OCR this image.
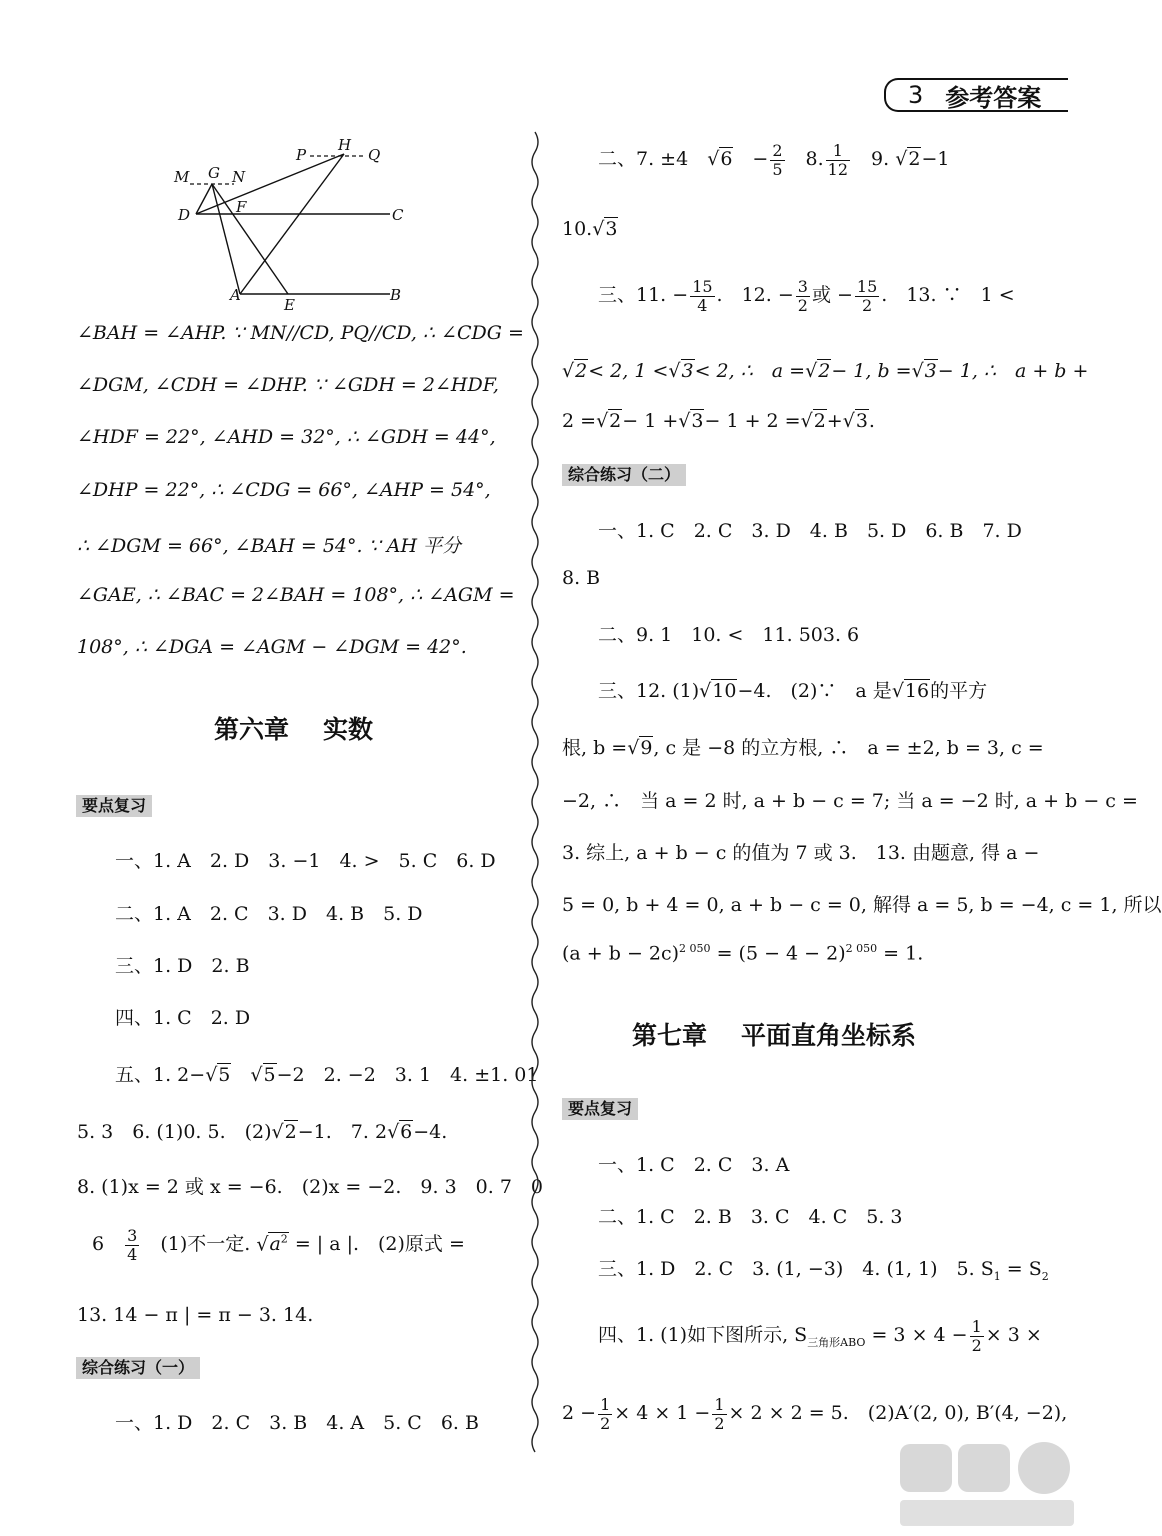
3 参考答案
M G N
P
H
Q
D	F	C
A
E
B
∠BAH = ∠AHP. ∵ MN//CD, PQ//CD, ∴ ∠CDG =
∠DGM, ∠CDH = ∠DHP. ∵ ∠GDH = 2∠HDF,
∠HDF = 22°, ∠AHD = 32°, ∴ ∠GDH = 44°,
∠DHP = 22°, ∴ ∠CDG = 66°, ∠AHP = 54°,
∴ ∠DGM = 66°, ∠BAH = 54°. ∵ AH 平分
∠GAE, ∴ ∠BAC = 2∠BAH = 108°, ∴ ∠AGM =
108°, ∴ ∠DGA = ∠AGM − ∠DGM = 42°.
第六章 实数
要点复习
一、1. A　2. D　3. −1　4. >　5. C　6. D
二、1. A　2. C　3. D　4. B　5. D
三、1. D　2. B
四、1. C　2. D
五、1. 2−√5　 √5−2　2. −2　3. 1　4. ±1. 01
5. 3　6. (1)0. 5.　(2)√2−1.　7. 2√6−4.
8. (1)x = 2 或 x = −6.　(2)x = −2.　9. 3　0. 7　0
6　 $\frac{3}{4}$
　 (1)不一定. $√a^2$ = | a |.　(2)原式 =
13. 14 − π | = π − 3. 14.
综合练习（一）
一、1. D　2. C　3. B　4. A　5. C　6. B
二、7. ±4　 √6　− $\frac{2}{5}$
　 8. $\frac{1}{12}$
　 9. √2−1
10.√3
三、11. − $\frac{15}{4}$ .　12. − $\frac{3}{2}$ 或 − $\frac{15}{2}$ .　13. ∵　1 <
√2< 2, 1 <√3< 2, ∴　a =√2− 1, b =√3− 1, ∴　a + b +
2 =√2− 1 +√3− 1 + 2 =√2+√3.
综合练习（二）
一、1. C　2. C　3. D　4. B　5. D　6. B　7. D
8. B
二、9. 1　10. <　11. 503. 6
三、12. (1)√10−4.　(2)∵　a 是√16的平方
根, b =√9, c 是 −8 的立方根, ∴　a = ±2, b = 3, c =
−2, ∴　当 a = 2 时, a + b − c = 7; 当 a = −2 时, a + b − c =
3. 综上, a + b − c 的值为 7 或 3.　13. 由题意, 得 a −
5 = 0, b + 4 = 0, a + b − c = 0, 解得 a = 5, b = −4, c = 1, 所以
$(a + b - 2c)^{2 050} = (5 - 4 - 2)^{2 050} = 1$.
第七章 平面直角坐标系
要点复习
一、1. C　2. C　3. A
二、1. C　2. B　3. C　4. C　5. 3
三、1. D　2. C　3. (1, −3)　4. (1, 1)　5. $S_1 = S_2$
四、1. (1)如下图所示, $S_{三角形ABO} = 3 \times 4 - \frac{1}{2} \times 3$ ×
$2 - \frac{1}{2} \times 4 \times 1 - \frac{1}{2} \times 2 \times 2 = 5$.　(2)A′(2, 0), B′(4, −2),
